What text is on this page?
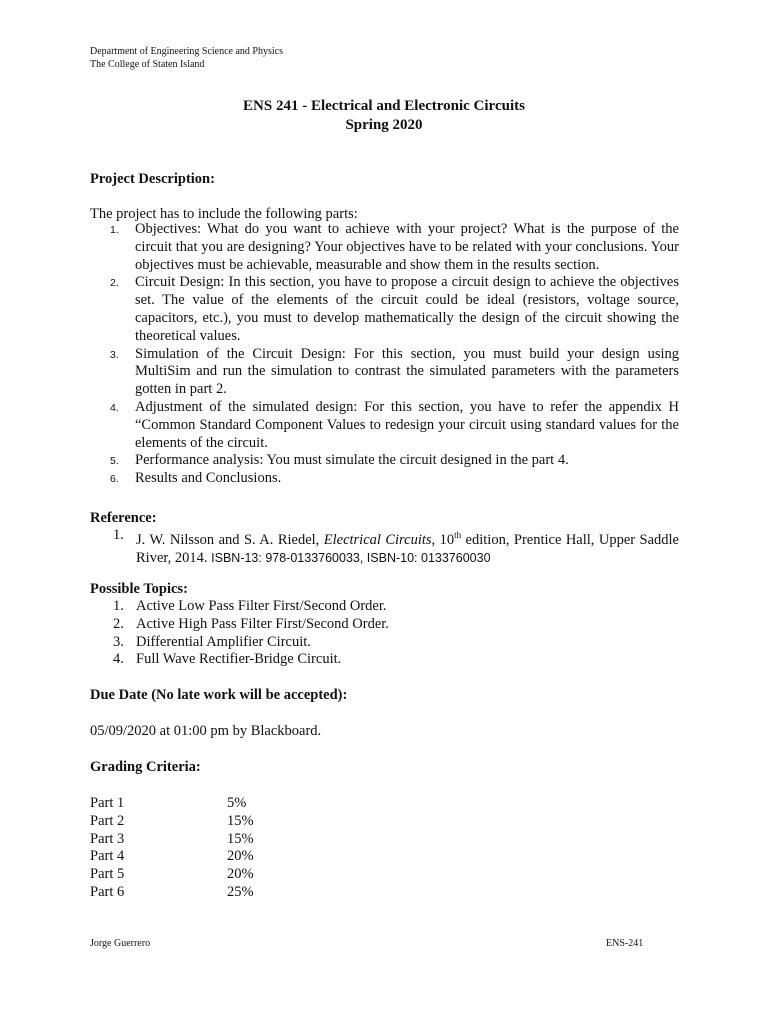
Department of Engineering Science and Physics
The College of Staten Island
ENS 241 - Electrical and Electronic Circuits
Spring 2020
Project Description:
The project has to include the following parts:
1. Objectives: What do you want to achieve with your project? What is the purpose of the circuit that you are designing? Your objectives have to be related with your conclusions. Your objectives must be achievable, measurable and show them in the results section.
2. Circuit Design: In this section, you have to propose a circuit design to achieve the objectives set. The value of the elements of the circuit could be ideal (resistors, voltage source, capacitors, etc.), you must to develop mathematically the design of the circuit showing the theoretical values.
3. Simulation of the Circuit Design: For this section, you must build your design using MultiSim and run the simulation to contrast the simulated parameters with the parameters gotten in part 2.
4. Adjustment of the simulated design: For this section, you have to refer the appendix H “Common Standard Component Values to redesign your circuit using standard values for the elements of the circuit.
5. Performance analysis: You must simulate the circuit designed in the part 4.
6. Results and Conclusions.
Reference:
1. J. W. Nilsson and S. A. Riedel, Electrical Circuits, 10th edition, Prentice Hall, Upper Saddle River, 2014. ISBN-13: 978-0133760033, ISBN-10: 0133760030
Possible Topics:
1. Active Low Pass Filter First/Second Order.
2. Active High Pass Filter First/Second Order.
3. Differential Amplifier Circuit.
4. Full Wave Rectifier-Bridge Circuit.
Due Date (No late work will be accepted):
05/09/2020 at 01:00 pm by Blackboard.
Grading Criteria:
Part 1	5%
Part 2	15%
Part 3	15%
Part 4	20%
Part 5	20%
Part 6	25%
Jorge Guerrero	ENS-241
